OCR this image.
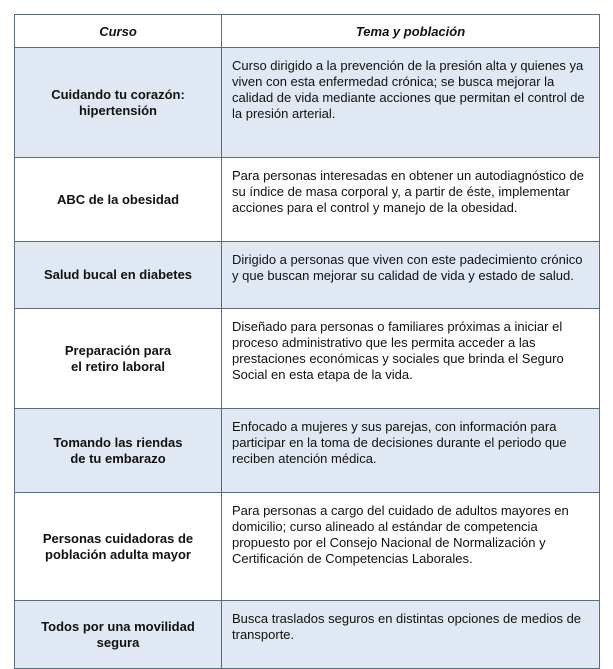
Curso	Tema y población
Cuidando tu corazón:
hipertensión	Curso dirigido a la prevención de la presión alta y quienes ya viven con esta enfermedad crónica; se busca mejorar la calidad de vida mediante acciones que permitan el control de la presión arterial.
ABC de la obesidad	Para personas interesadas en obtener un autodiagnóstico de su índice de masa corporal y, a partir de éste, implementar acciones para el control y manejo de la obesidad.
Salud bucal en diabetes	Dirigido a personas que viven con este padecimiento crónico y que buscan mejorar su calidad de vida y estado de salud.
Preparación para
el retiro laboral	Diseñado para personas o familiares próximas a iniciar el proceso administrativo que les permita acceder a las prestaciones económicas y sociales que brinda el Seguro Social en esta etapa de la vida.
Tomando las riendas
de tu embarazo	Enfocado a mujeres y sus parejas, con información para participar en la toma de decisiones durante el periodo que reciben atención médica.
Personas cuidadoras de
población adulta mayor	Para personas a cargo del cuidado de adultos mayores en domicilio; curso alineado al estándar de competencia propuesto por el Consejo Nacional de Normalización y Certificación de Competencias Laborales.
Todos por una movilidad
segura	Busca traslados seguros en distintas opciones de medios de transporte.
